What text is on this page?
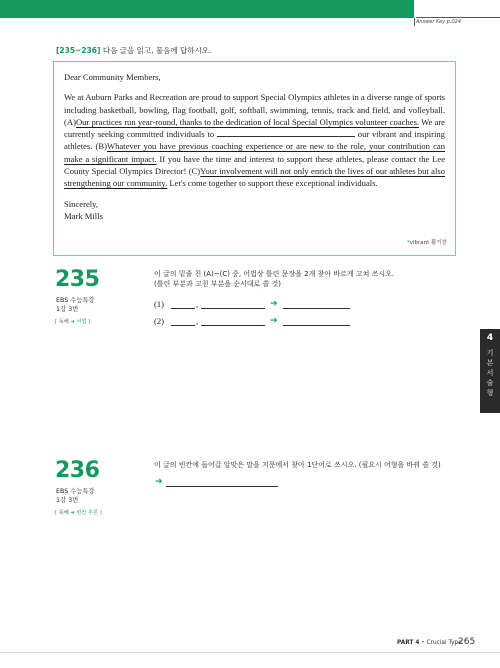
Answer Key p.024
[235~236] 다음 글을 읽고, 물음에 답하시오.

Dear Community Members,

We at Auburn Parks and Recreation are proud to support Special Olympics athletes in a diverse range of sports including basketball, bowling, flag football, golf, softball, swimming, tennis, track and field, and volleyball. (A)Our practices run year-round, thanks to the dedication of local Special Olympics volunteer coaches. We are currently seeking committed individuals to	our vibrant and inspiring athletes. (B)Whatever you have previous coaching experience or are new to the role, your contribution can make a significant impact. If you have the time and interest to support these athletes, please contact the Lee County Special Olympics Director! (C)Your involvement will not only enrich the lives of our athletes but also strengthening our community. Let's come together to support these exceptional individuals.

Sincerely,
Mark Mills
*vibrant 활기찬
235
EBS 수능특강
1강 3번
[ 독해 ➜ 어법 ]
이 글의 밑줄 친 (A)~(C) 중, 어법상 틀린 문장을 2개 찾아 바르게 고쳐 쓰시오.
(틀린 부분과 고친 부분을 순서대로 쓸 것)
(1)	,	➔
(2)	,	➔
236
EBS 수능특강
1강 3번
[ 독해 ➜ 빈칸 추론 ]
이 글의 빈칸에 들어갈 알맞은 말을 지문에서 찾아 1단어로 쓰시오. (필요시 어형을 바꿔 쓸 것)
➔
4
기본서술형
PART 4 • Crucial Type
265
